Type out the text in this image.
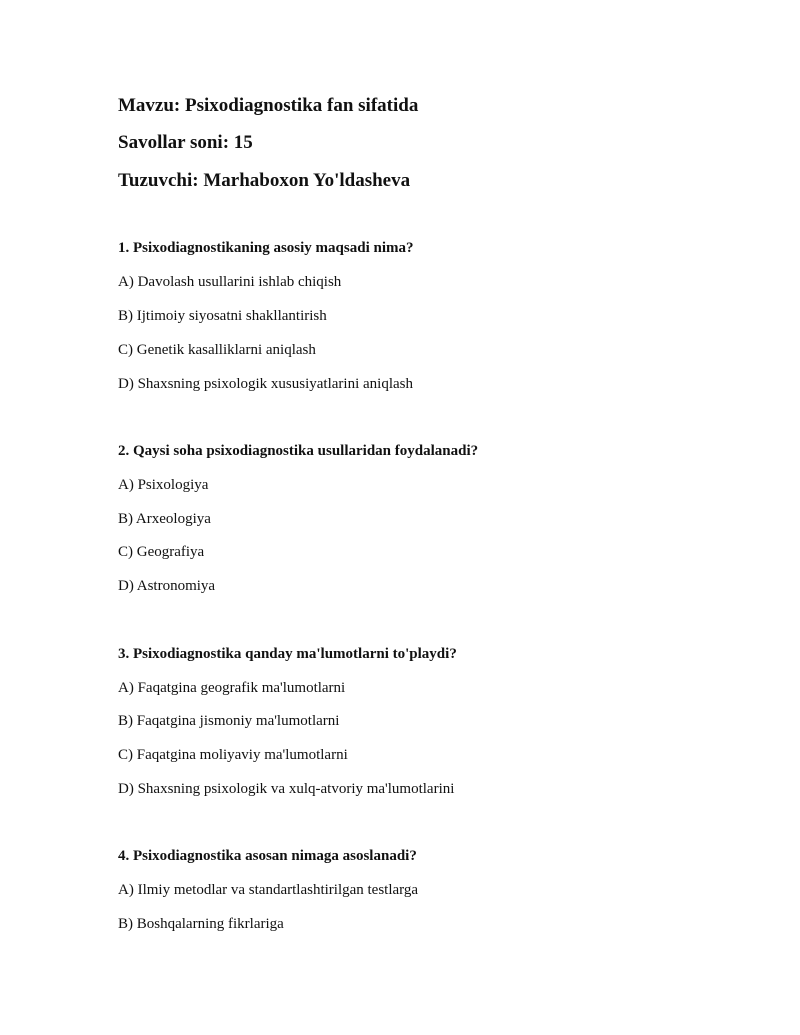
Mavzu: Psixodiagnostika fan sifatida
Savollar soni: 15
Tuzuvchi: Marhaboxon Yo'ldasheva
1. Psixodiagnostikaning asosiy maqsadi nima?
A) Davolash usullarini ishlab chiqish
B) Ijtimoiy siyosatni shakllantirish
C) Genetik kasalliklarni aniqlash
D) Shaxsning psixologik xususiyatlarini aniqlash
2. Qaysi soha psixodiagnostika usullaridan foydalanadi?
A) Psixologiya
B) Arxeologiya
C) Geografiya
D) Astronomiya
3. Psixodiagnostika qanday ma'lumotlarni to'playdi?
A) Faqatgina geografik ma'lumotlarni
B) Faqatgina jismoniy ma'lumotlarni
C) Faqatgina moliyaviy ma'lumotlarni
D) Shaxsning psixologik va xulq-atvoriy ma'lumotlarini
4. Psixodiagnostika asosan nimaga asoslanadi?
A) Ilmiy metodlar va standartlashtirilgan testlarga
B) Boshqalarning fikrlariga
